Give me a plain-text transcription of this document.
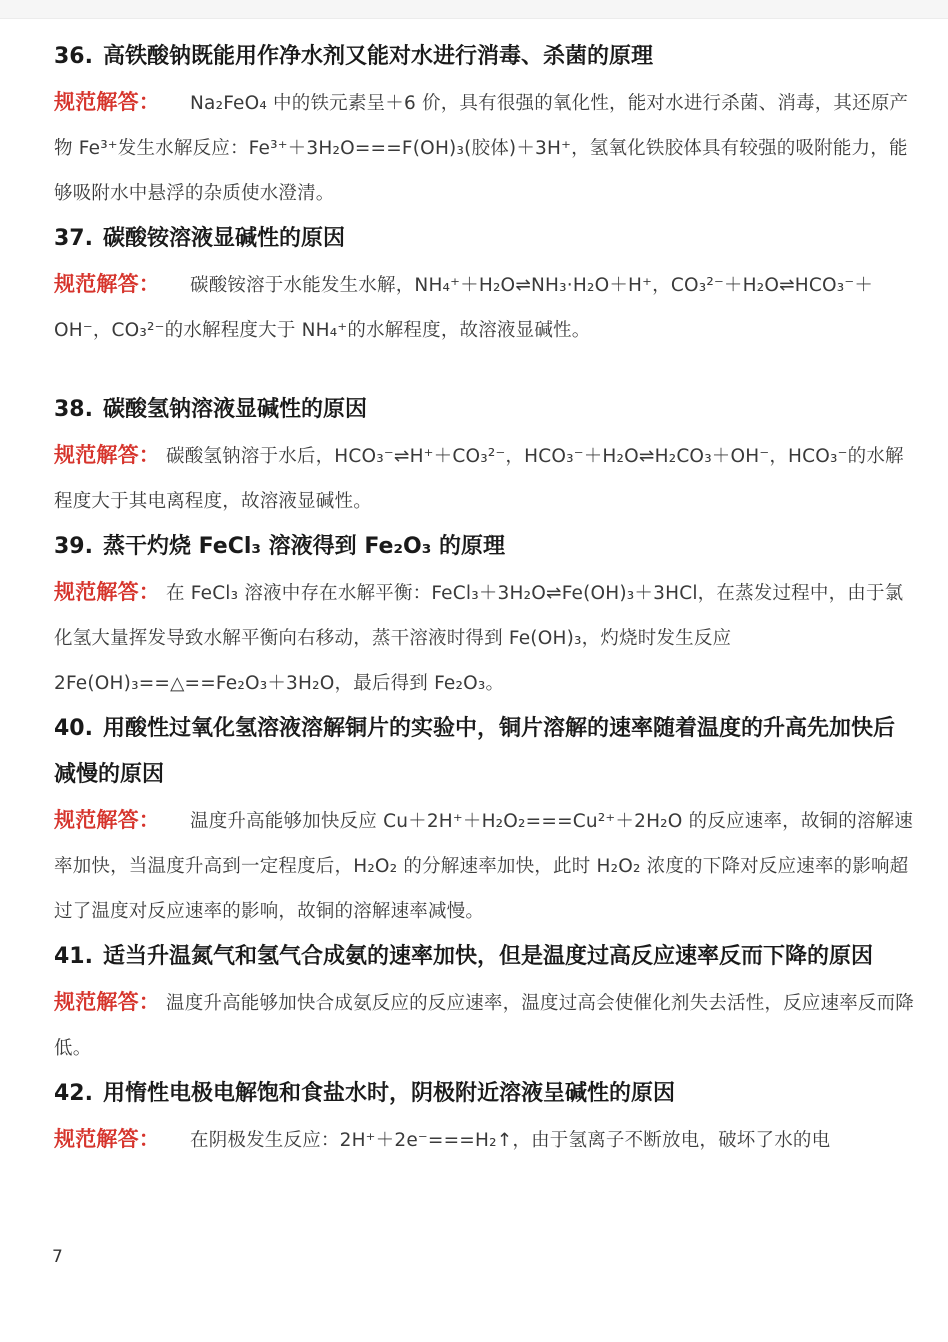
36. 高铁酸钠既能用作净水剂又能对水进行消毒、杀菌的原理

规范解答： Na₂FeO₄ 中的铁元素呈＋6 价，具有很强的氧化性，能对水进行杀菌、消毒，其还原产物 Fe³⁺发生水解反应：Fe³⁺＋3H₂O===F(OH)₃(胶体)＋3H⁺，氢氧化铁胶体具有较强的吸附能力，能够吸附水中悬浮的杂质使水澄清。

37. 碳酸铵溶液显碱性的原因

规范解答： 碳酸铵溶于水能发生水解，NH₄⁺＋H₂O⇌NH₃·H₂O＋H⁺，CO₃²⁻＋H₂O⇌HCO₃⁻＋OH⁻，CO₃²⁻的水解程度大于 NH₄⁺的水解程度，故溶液显碱性。

38. 碳酸氢钠溶液显碱性的原因

规范解答： 碳酸氢钠溶于水后，HCO₃⁻⇌H⁺＋CO₃²⁻，HCO₃⁻＋H₂O⇌H₂CO₃＋OH⁻，HCO₃⁻的水解程度大于其电离程度，故溶液显碱性。

39. 蒸干灼烧 FeCl₃ 溶液得到 Fe₂O₃ 的原理

规范解答： 在 FeCl₃ 溶液中存在水解平衡：FeCl₃＋3H₂O⇌Fe(OH)₃＋3HCl，在蒸发过程中，由于氯化氢大量挥发导致水解平衡向右移动，蒸干溶液时得到 Fe(OH)₃，灼烧时发生反应 2Fe(OH)₃==△==Fe₂O₃＋3H₂O，最后得到 Fe₂O₃。

40. 用酸性过氧化氢溶液溶解铜片的实验中，铜片溶解的速率随着温度的升高先加快后减慢的原因

规范解答： 温度升高能够加快反应 Cu＋2H⁺＋H₂O₂===Cu²⁺＋2H₂O 的反应速率，故铜的溶解速率加快，当温度升高到一定程度后，H₂O₂ 的分解速率加快，此时 H₂O₂ 浓度的下降对反应速率的影响超过了温度对反应速率的影响，故铜的溶解速率减慢。

41. 适当升温氮气和氢气合成氨的速率加快，但是温度过高反应速率反而下降的原因

规范解答： 温度升高能够加快合成氨反应的反应速率，温度过高会使催化剂失去活性，反应速率反而降低。

42. 用惰性电极电解饱和食盐水时，阴极附近溶液呈碱性的原因

规范解答： 在阴极发生反应：2H⁺＋2e⁻===H₂↑，由于氢离子不断放电，破坏了水的电

7
